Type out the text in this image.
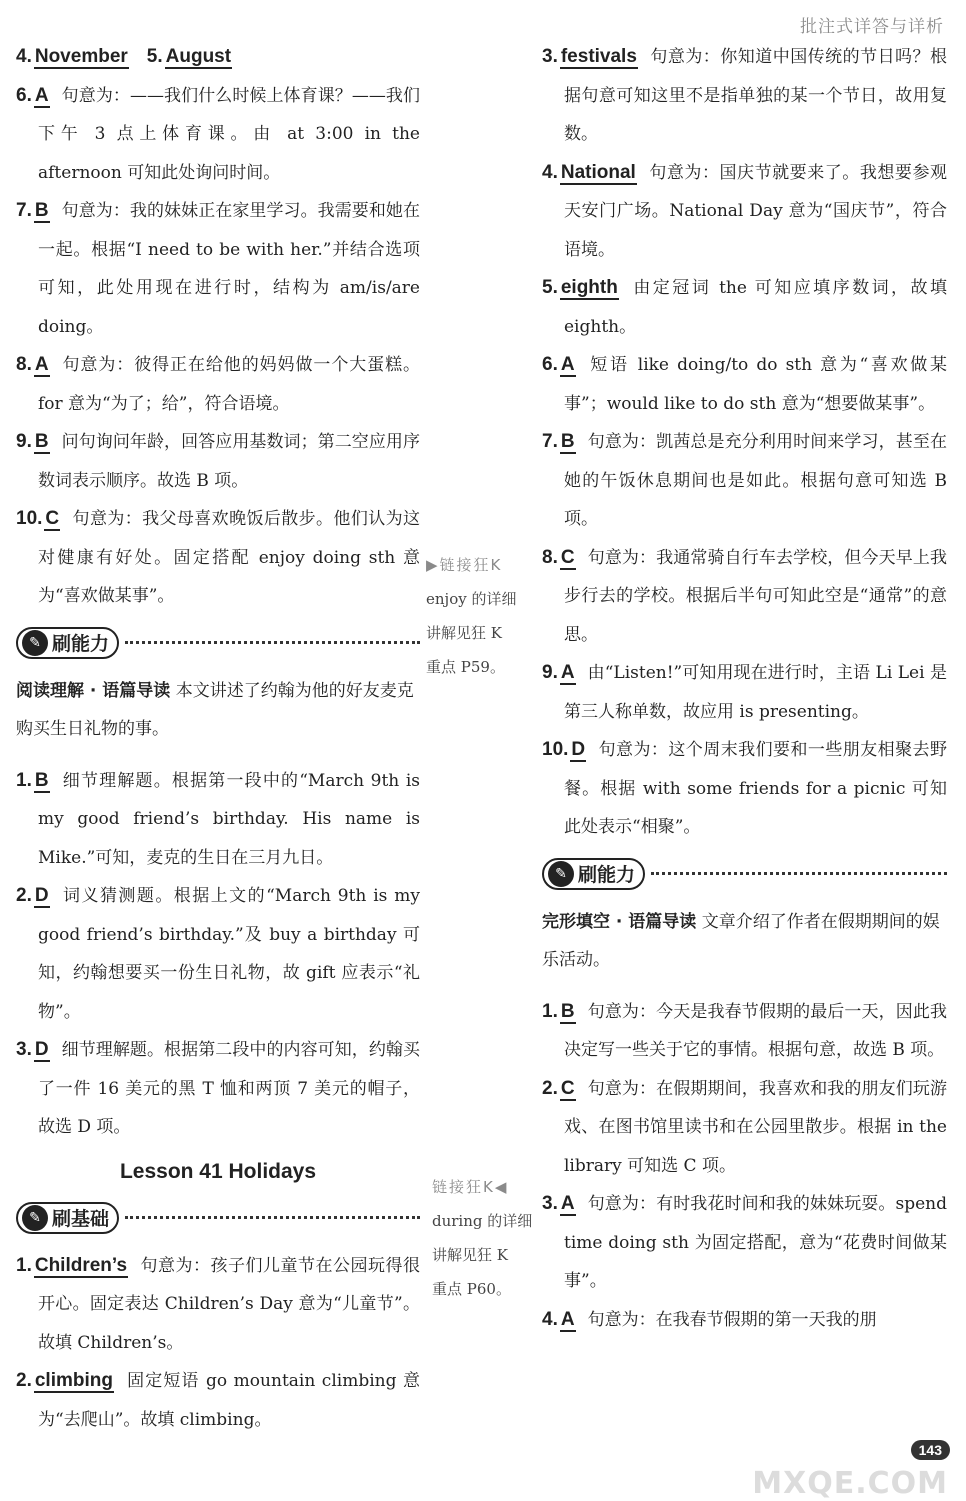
批注式详答与详析
4. November 5. August
6. A 句意为：——我们什么时候上体育课？——我们下午 3 点上体育课。由 at 3:00 in the afternoon 可知此处询问时间。
7. B 句意为：我的妹妹正在家里学习。我需要和她在一起。根据“I need to be with her.”并结合选项可知，此处用现在进行时，结构为 am/is/are doing。
8. A 句意为：彼得正在给他的妈妈做一个大蛋糕。for 意为“为了；给”，符合语境。
9. B 问句询问年龄，回答应用基数词；第二空应用序数词表示顺序。故选 B 项。
10. C 句意为：我父母喜欢晚饭后散步。他们认为这对健康有好处。固定搭配 enjoy doing sth 意为“喜欢做某事”。
✎ 刷能力
阅读理解 · 语篇导读 本文讲述了约翰为他的好友麦克购买生日礼物的事。
1. B 细节理解题。根据第一段中的“March 9th is my good friend’s birthday. His name is Mike.”可知，麦克的生日在三月九日。
2. D 词义猜测题。根据上文的“March 9th is my good friend’s birthday.”及 buy a birthday 可知，约翰想要买一份生日礼物，故 gift 应表示“礼物”。
3. D 细节理解题。根据第二段中的内容可知，约翰买了一件 16 美元的黑 T 恤和两顶 7 美元的帽子，故选 D 项。
Lesson 41 Holidays
✎ 刷基础
1. Children’s 句意为：孩子们儿童节在公园玩得很开心。固定表达 Children’s Day 意为“儿童节”。故填 Children’s。
2. climbing 固定短语 go mountain climbing 意为“去爬山”。故填 climbing。
▶链接狂K
enjoy 的详细
讲解见狂 K
重点 P59。
链接狂K◀
during 的详细
讲解见狂 K
重点 P60。
3. festivals 句意为：你知道中国传统的节日吗？根据句意可知这里不是指单独的某一个节日，故用复数。
4. National 句意为：国庆节就要来了。我想要参观天安门广场。National Day 意为“国庆节”，符合语境。
5. eighth 由定冠词 the 可知应填序数词，故填 eighth。
6. A 短语 like doing/to do sth 意为“喜欢做某事”；would like to do sth 意为“想要做某事”。
7. B 句意为：凯茜总是充分利用时间来学习，甚至在她的午饭休息期间也是如此。根据句意可知选 B 项。
8. C 句意为：我通常骑自行车去学校，但今天早上我步行去的学校。根据后半句可知此空是“通常”的意思。
9. A 由“Listen!”可知用现在进行时，主语 Li Lei 是第三人称单数，故应用 is presenting。
10. D 句意为：这个周末我们要和一些朋友相聚去野餐。根据 with some friends for a picnic 可知此处表示“相聚”。
✎ 刷能力
完形填空 · 语篇导读 文章介绍了作者在假期期间的娱乐活动。
1. B 句意为：今天是我春节假期的最后一天，因此我决定写一些关于它的事情。根据句意，故选 B 项。
2. C 句意为：在假期期间，我喜欢和我的朋友们玩游戏、在图书馆里读书和在公园里散步。根据 in the library 可知选 C 项。
3. A 句意为：有时我花时间和我的妹妹玩耍。spend time doing sth 为固定搭配，意为“花费时间做某事”。
4. A 句意为：在我春节假期的第一天我的朋
143
MXQE.COM
